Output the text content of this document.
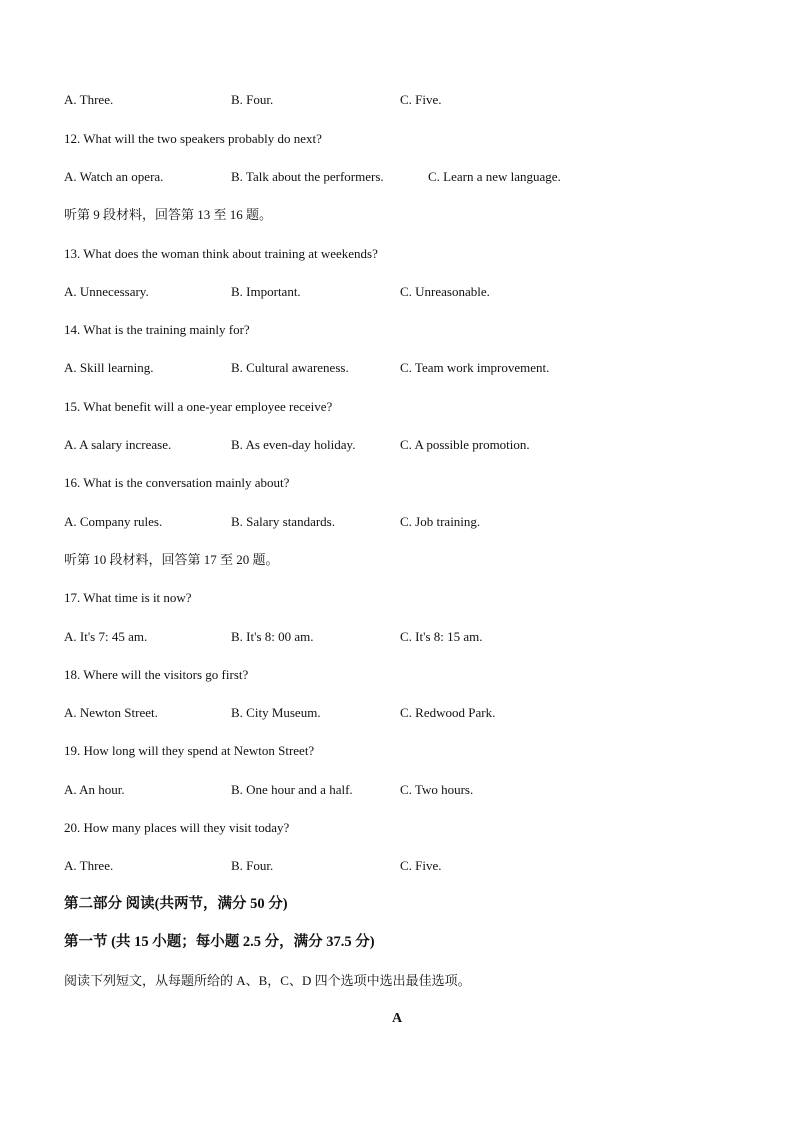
A. Three.	B. Four.	C. Five.
12. What will the two speakers probably do next?
A. Watch an opera.	B. Talk about the performers.	C. Learn a new language.
听第 9 段材料，回答第 13 至 16 题。
13. What does the woman think about training at weekends?
A. Unnecessary.	B. Important.	C. Unreasonable.
14. What is the training mainly for?
A. Skill learning.	B. Cultural awareness.	C. Team work improvement.
15. What benefit will a one-year employee receive?
A. A salary increase.	B. As even-day holiday.	C. A possible promotion.
16. What is the conversation mainly about?
A. Company rules.	B. Salary standards.	C. Job training.
听第 10 段材料，回答第 17 至 20 题。
17. What time is it now?
A. It's 7: 45 am.	B. It's 8: 00 am.	C. It's 8: 15 am.
18. Where will the visitors go first?
A. Newton Street.	B. City Museum.	C. Redwood Park.
19. How long will they spend at Newton Street?
A. An hour.	B. One hour and a half.	C. Two hours.
20. How many places will they visit today?
A. Three.	B. Four.	C. Five.
第二部分 阅读(共两节，满分 50 分)
第一节 (共 15 小题；每小题 2.5 分，满分 37.5 分)
阅读下列短文，从每题所给的 A、B，C、D 四个选项中选出最佳选项。
A
